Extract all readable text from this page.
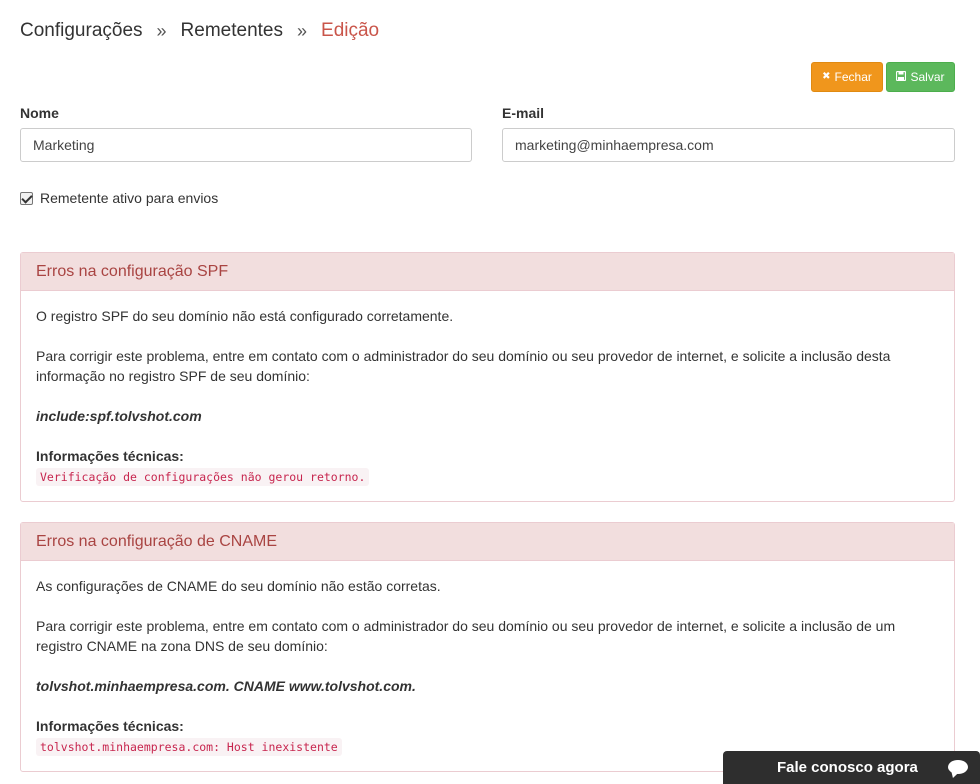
Configurações » Remetentes » Edição
✖ Fechar	Salvar
Nome
Marketing
E-mail
marketing@minhaempresa.com
Remetente ativo para envios
Erros na configuração SPF

O registro SPF do seu domínio não está configurado corretamente.

Para corrigir este problema, entre em contato com o administrador do seu domínio ou seu provedor de internet, e solicite a inclusão desta informação no registro SPF de seu domínio:

include:spf.tolvshot.com

Informações técnicas:
Verificação de configurações não gerou retorno.
Erros na configuração de CNAME

As configurações de CNAME do seu domínio não estão corretas.

Para corrigir este problema, entre em contato com o administrador do seu domínio ou seu provedor de internet, e solicite a inclusão de um registro CNAME na zona DNS de seu domínio:

tolvshot.minhaempresa.com. CNAME www.tolvshot.com.

Informações técnicas:
tolvshot.minhaempresa.com: Host inexistente
Fale conosco agora
